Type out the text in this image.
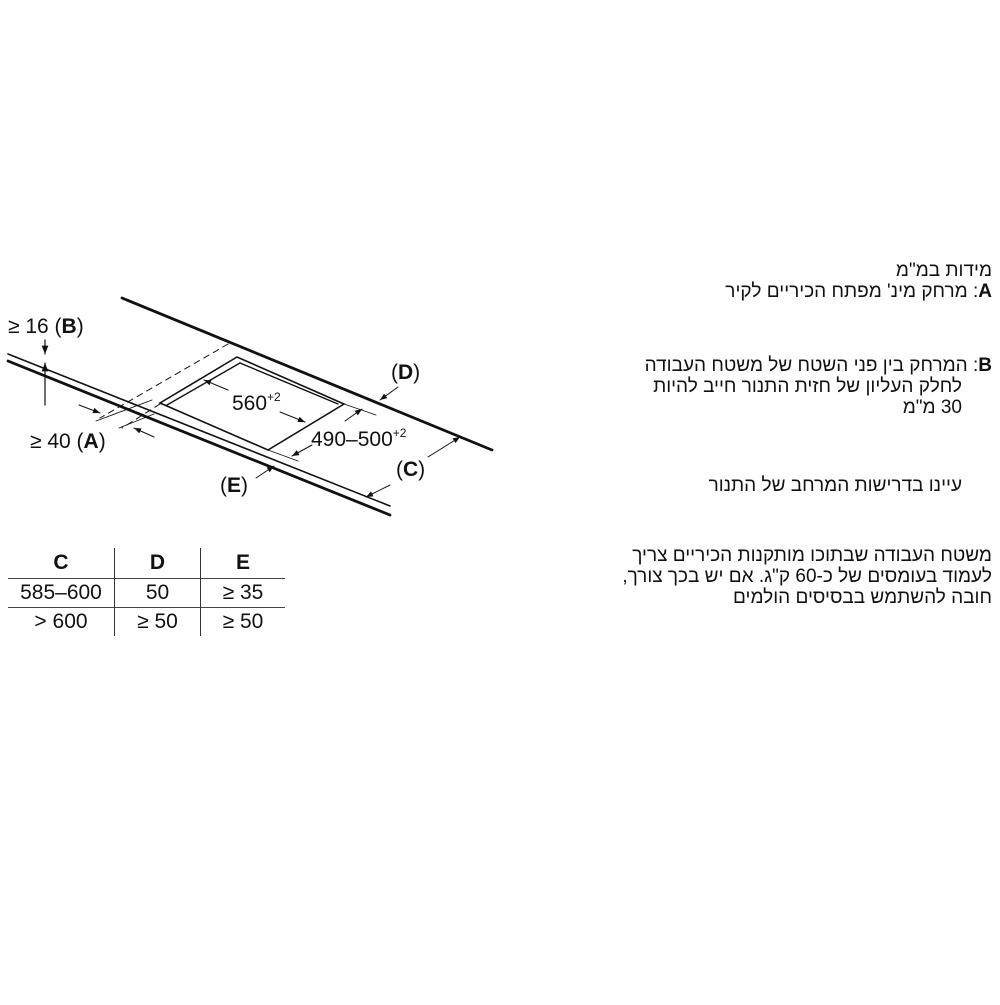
≥ 16 (B)
≥ 40 (A)
$560^{+2}$
$490-500^{+2}$
(D)
(C)
(E)
C	D	E
585–600	50	≥ 35
> 600	≥ 50	≥ 50
מידות במ"מ
A: מרחק מינ' מפתח הכיריים לקיר
B: המרחק בין פני השטח של משטח העבודה
לחלק העליון של חזית התנור חייב להיות
30 מ"מ
עיינו בדרישות המרחב של התנור
משטח העבודה שבתוכו מותקנות הכיריים צריך
לעמוד בעומסים של כ-60 ק"ג. אם יש בכך צורך,
חובה להשתמש בבסיסים הולמים
